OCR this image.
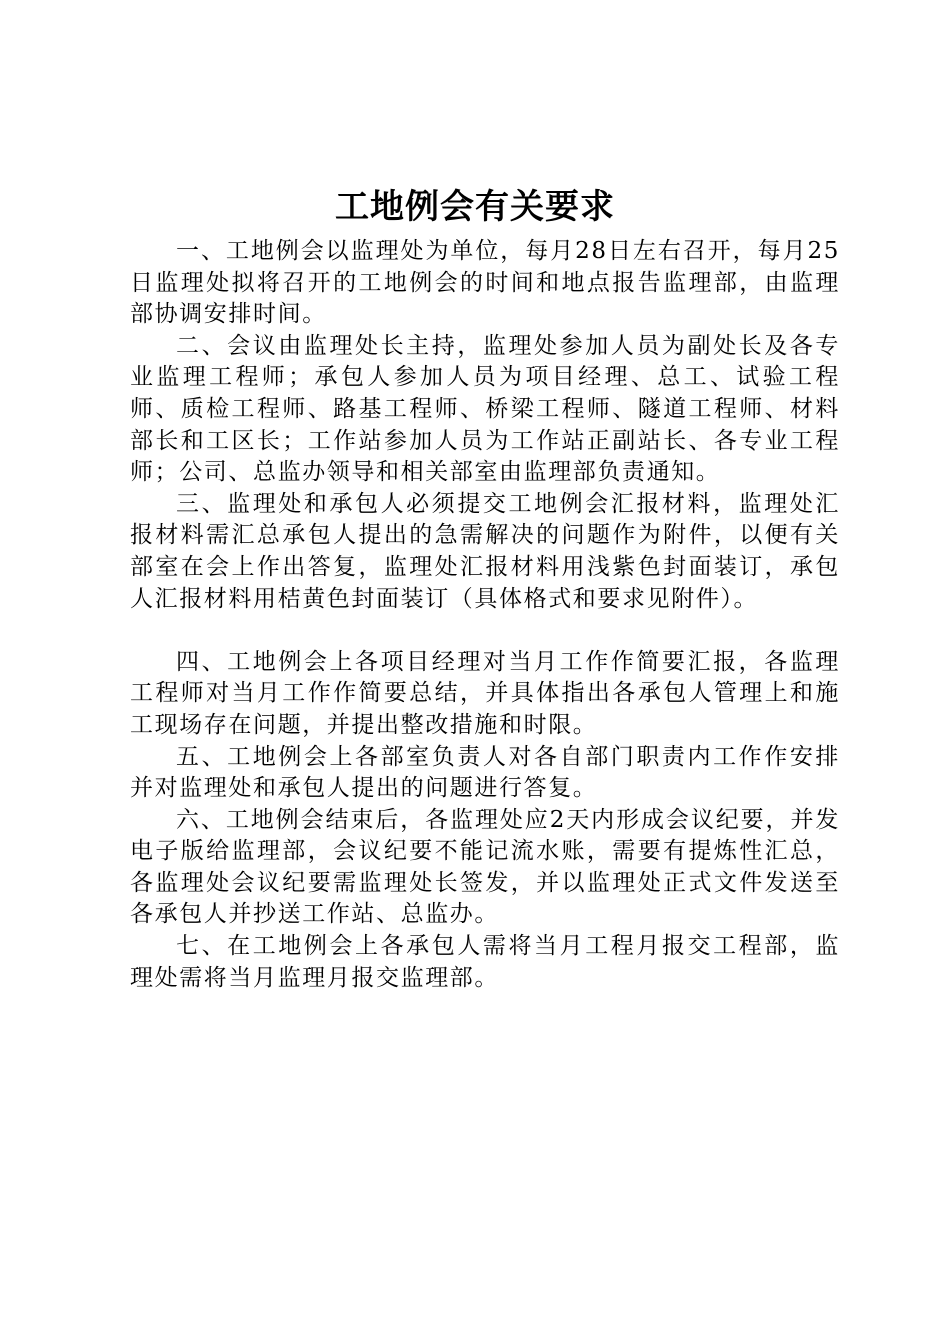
工地例会有关要求

一、工地例会以监理处为单位，每月28日左右召开，每月25日监理处拟将召开的工地例会的时间和地点报告监理部，由监理部协调安排时间。

二、会议由监理处长主持，监理处参加人员为副处长及各专业监理工程师；承包人参加人员为项目经理、总工、试验工程师、质检工程师、路基工程师、桥梁工程师、隧道工程师、材料部长和工区长；工作站参加人员为工作站正副站长、各专业工程师；公司、总监办领导和相关部室由监理部负责通知。

三、监理处和承包人必须提交工地例会汇报材料，监理处汇报材料需汇总承包人提出的急需解决的问题作为附件，以便有关部室在会上作出答复，监理处汇报材料用浅紫色封面装订，承包人汇报材料用桔黄色封面装订（具体格式和要求见附件）。

四、工地例会上各项目经理对当月工作作简要汇报，各监理工程师对当月工作作简要总结，并具体指出各承包人管理上和施工现场存在问题，并提出整改措施和时限。

五、工地例会上各部室负责人对各自部门职责内工作作安排并对监理处和承包人提出的问题进行答复。

六、工地例会结束后，各监理处应2天内形成会议纪要，并发电子版给监理部，会议纪要不能记流水账，需要有提炼性汇总，各监理处会议纪要需监理处长签发，并以监理处正式文件发送至各承包人并抄送工作站、总监办。

七、在工地例会上各承包人需将当月工程月报交工程部，监理处需将当月监理月报交监理部。
